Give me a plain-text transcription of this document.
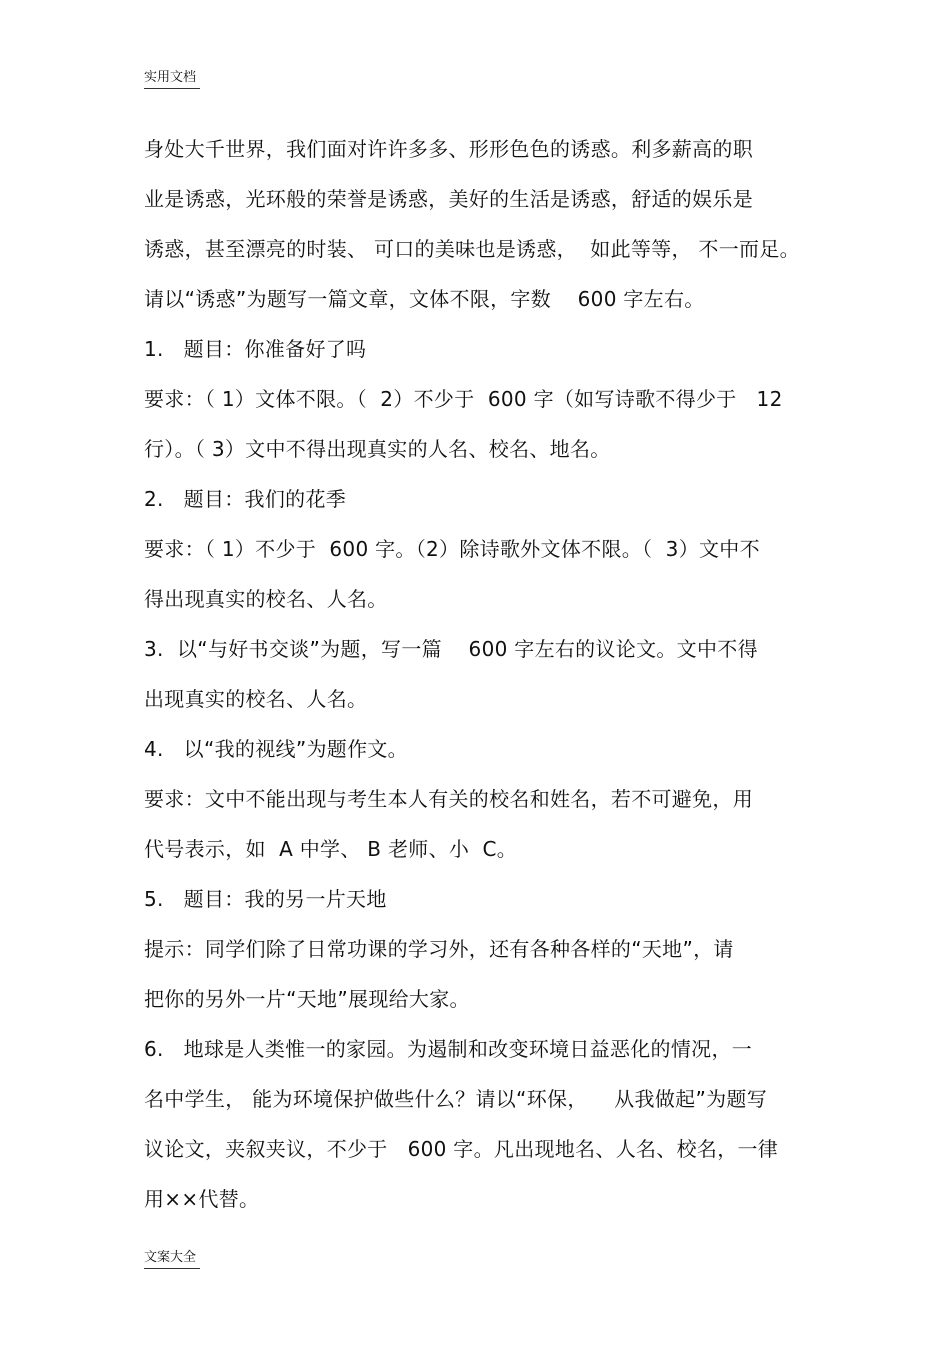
实用文档
身处大千世界，我们面对许许多多、形形色色的诱惑。利多薪高的职
业是诱惑，光环般的荣誉是诱惑，美好的生活是诱惑，舒适的娱乐是
诱惑，甚至漂亮的时装、 可口的美味也是诱惑，  如此等等， 不一而足。
请以“诱惑”为题写一篇文章，文体不限，字数    600 字左右。
1.   题目：你准备好了吗
要求：（ 1）文体不限。（  2）不少于  600 字（如写诗歌不得少于   12
行）。（ 3）文中不得出现真实的人名、校名、地名。
2.   题目：我们的花季
要求：（ 1）不少于  600 字。（2）除诗歌外文体不限。（  3）文中不
得出现真实的校名、人名。
3.  以“与好书交谈”为题，写一篇    600 字左右的议论文。文中不得
出现真实的校名、人名。
4.   以“我的视线”为题作文。
要求：文中不能出现与考生本人有关的校名和姓名，若不可避免，用
代号表示，如  A 中学、 B 老师、小  C。
5.   题目：我的另一片天地
提示：同学们除了日常功课的学习外，还有各种各样的“天地”，请
把你的另外一片“天地”展现给大家。
6.   地球是人类惟一的家园。为遏制和改变环境日益恶化的情况，一
名中学生， 能为环境保护做些什么？请以“环保，    从我做起”为题写
议论文，夹叙夹议，不少于   600 字。凡出现地名、人名、校名，一律
用××代替。
文案大全
